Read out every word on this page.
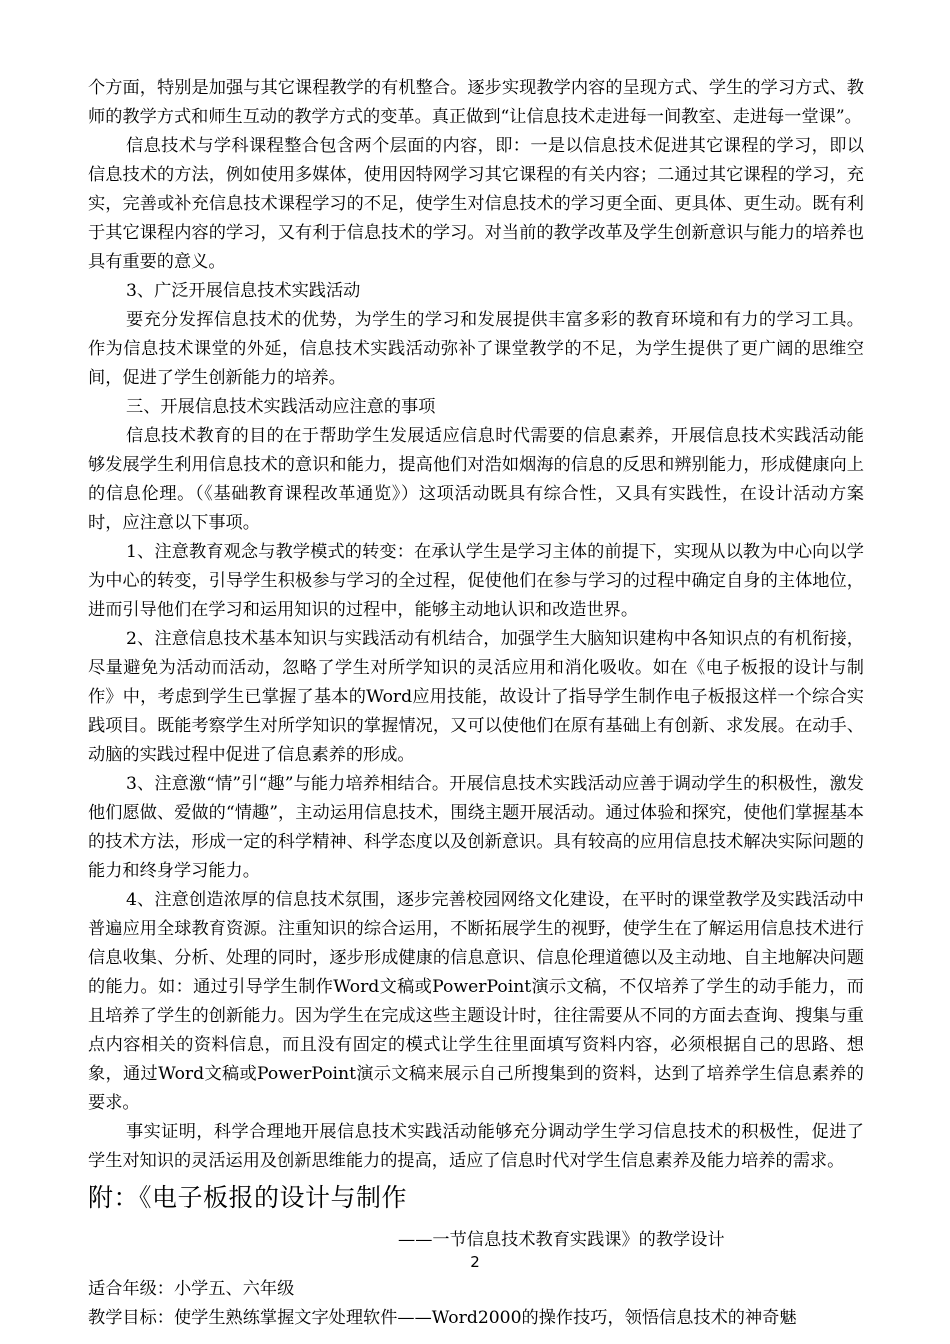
个方面，特别是加强与其它课程教学的有机整合。逐步实现教学内容的呈现方式、学生的学习方式、教师的教学方式和师生互动的教学方式的变革。真正做到“让信息技术走进每一间教室、走进每一堂课”。

信息技术与学科课程整合包含两个层面的内容，即：一是以信息技术促进其它课程的学习，即以信息技术的方法，例如使用多媒体，使用因特网学习其它课程的有关内容；二通过其它课程的学习，充实，完善或补充信息技术课程学习的不足，使学生对信息技术的学习更全面、更具体、更生动。既有利于其它课程内容的学习，又有利于信息技术的学习。对当前的教学改革及学生创新意识与能力的培养也具有重要的意义。

3、广泛开展信息技术实践活动

要充分发挥信息技术的优势，为学生的学习和发展提供丰富多彩的教育环境和有力的学习工具。作为信息技术课堂的外延，信息技术实践活动弥补了课堂教学的不足，为学生提供了更广阔的思维空间，促进了学生创新能力的培养。

三、开展信息技术实践活动应注意的事项

信息技术教育的目的在于帮助学生发展适应信息时代需要的信息素养，开展信息技术实践活动能够发展学生利用信息技术的意识和能力，提高他们对浩如烟海的信息的反思和辨别能力，形成健康向上的信息伦理。（《基础教育课程改革通览》）这项活动既具有综合性，又具有实践性，在设计活动方案时，应注意以下事项。

1、注意教育观念与教学模式的转变：在承认学生是学习主体的前提下，实现从以教为中心向以学为中心的转变，引导学生积极参与学习的全过程，促使他们在参与学习的过程中确定自身的主体地位，进而引导他们在学习和运用知识的过程中，能够主动地认识和改造世界。

2、注意信息技术基本知识与实践活动有机结合，加强学生大脑知识建构中各知识点的有机衔接，尽量避免为活动而活动，忽略了学生对所学知识的灵活应用和消化吸收。如在《电子板报的设计与制作》中，考虑到学生已掌握了基本的Word应用技能，故设计了指导学生制作电子板报这样一个综合实践项目。既能考察学生对所学知识的掌握情况，又可以使他们在原有基础上有创新、求发展。在动手、动脑的实践过程中促进了信息素养的形成。

3、注意激“情”引“趣”与能力培养相结合。开展信息技术实践活动应善于调动学生的积极性，激发他们愿做、爱做的“情趣”，主动运用信息技术，围绕主题开展活动。通过体验和探究，使他们掌握基本的技术方法，形成一定的科学精神、科学态度以及创新意识。具有较高的应用信息技术解决实际问题的能力和终身学习能力。

4、注意创造浓厚的信息技术氛围，逐步完善校园网络文化建设，在平时的课堂教学及实践活动中普遍应用全球教育资源。注重知识的综合运用，不断拓展学生的视野，使学生在了解运用信息技术进行信息收集、分析、处理的同时，逐步形成健康的信息意识、信息伦理道德以及主动地、自主地解决问题的能力。如：通过引导学生制作Word文稿或PowerPoint演示文稿，不仅培养了学生的动手能力，而且培养了学生的创新能力。因为学生在完成这些主题设计时，往往需要从不同的方面去查询、搜集与重点内容相关的资料信息，而且没有固定的模式让学生往里面填写资料内容，必须根据自己的思路、想象，通过Word文稿或PowerPoint演示文稿来展示自己所搜集到的资料，达到了培养学生信息素养的要求。

事实证明，科学合理地开展信息技术实践活动能够充分调动学生学习信息技术的积极性，促进了学生对知识的灵活运用及创新思维能力的提高，适应了信息时代对学生信息素养及能力培养的需求。

附：《电子板报的设计与制作

——一节信息技术教育实践课》的教学设计

适合年级：小学五、六年级

教学目标：使学生熟练掌握文字处理软件——Word2000的操作技巧，领悟信息技术的神奇魅

2
